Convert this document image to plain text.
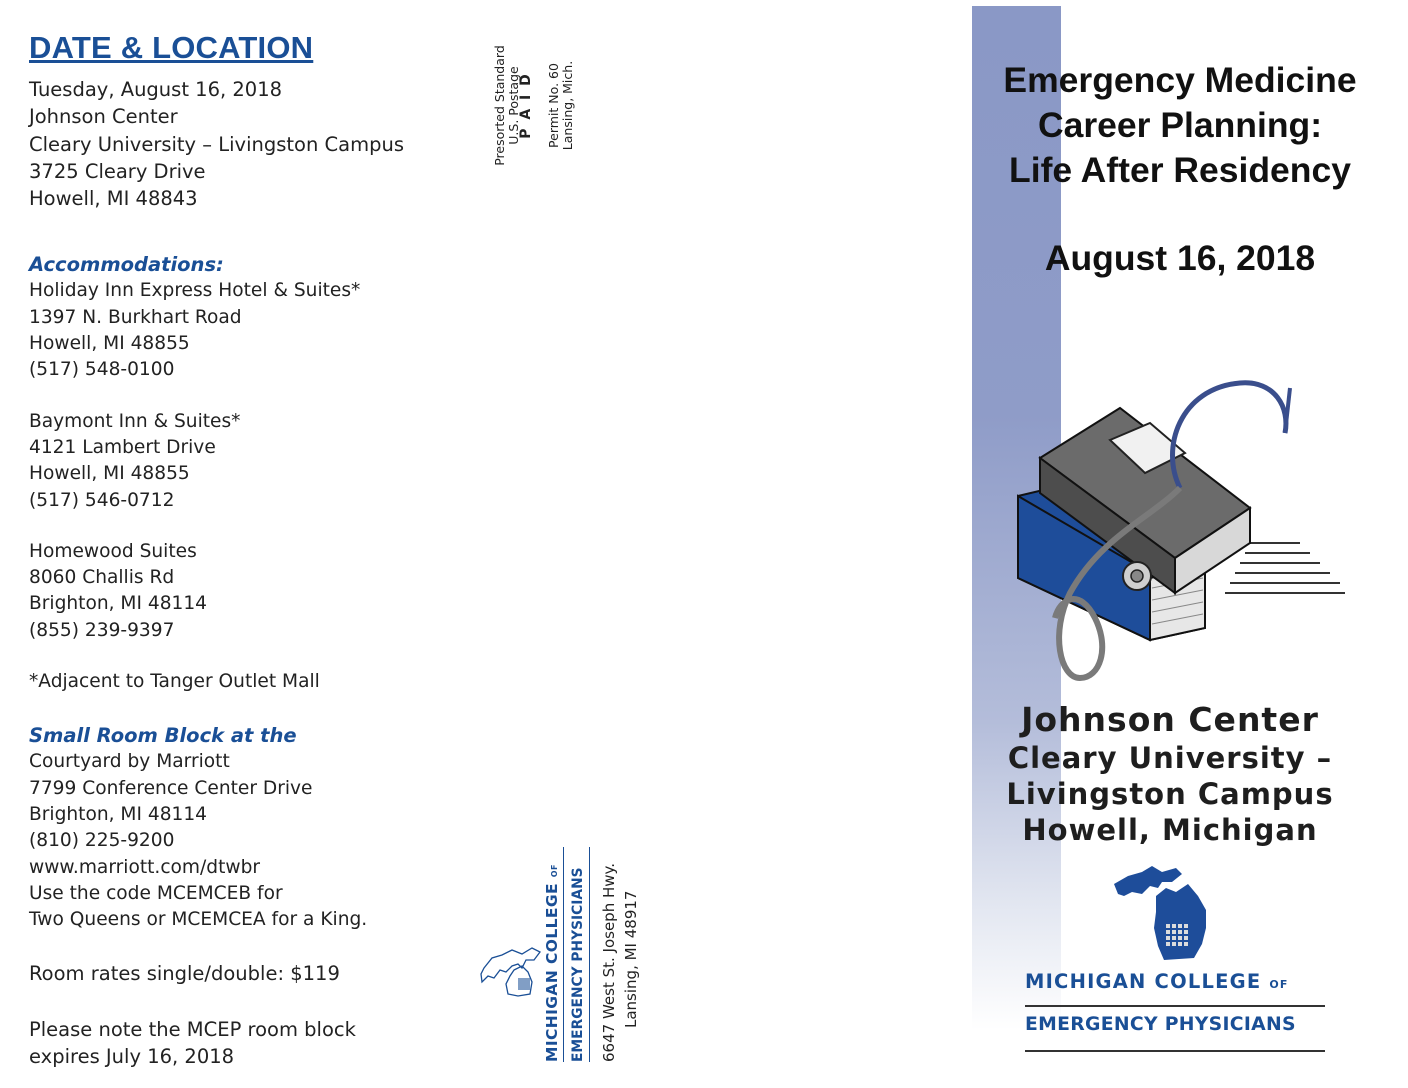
DATE & LOCATION
Tuesday, August 16, 2018
Johnson Center
Cleary University – Livingston Campus
3725 Cleary Drive
Howell, MI 48843
Accommodations:
Holiday Inn Express Hotel & Suites*
1397 N. Burkhart Road
Howell, MI 48855
(517) 548-0100
Baymont Inn & Suites*
4121 Lambert Drive
Howell, MI 48855
(517) 546-0712
Homewood Suites
8060 Challis Rd
Brighton, MI 48114
(855) 239-9397
*Adjacent to Tanger Outlet Mall
Small Room Block at the
Courtyard by Marriott
7799 Conference Center Drive
Brighton, MI 48114
(810) 225-9200
www.marriott.com/dtwbr
Use the code MCEMCEB for
Two Queens or MCEMCEA for a King.
Room rates single/double: $119
Please note the MCEP room block
expires July 16, 2018
Presorted Standard
U.S. Postage
P A I D Permit No. 60
Lansing, Mich.
MICHIGAN COLLEGE OF EMERGENCY PHYSICIANS 6647 West St. Joseph Hwy. Lansing, MI 48917
Emergency Medicine
Career Planning:
Life After Residency
August 16, 2018
Johnson Center
Cleary University –
Livingston Campus
Howell, Michigan
MICHIGAN COLLEGE OF
EMERGENCY PHYSICIANS
